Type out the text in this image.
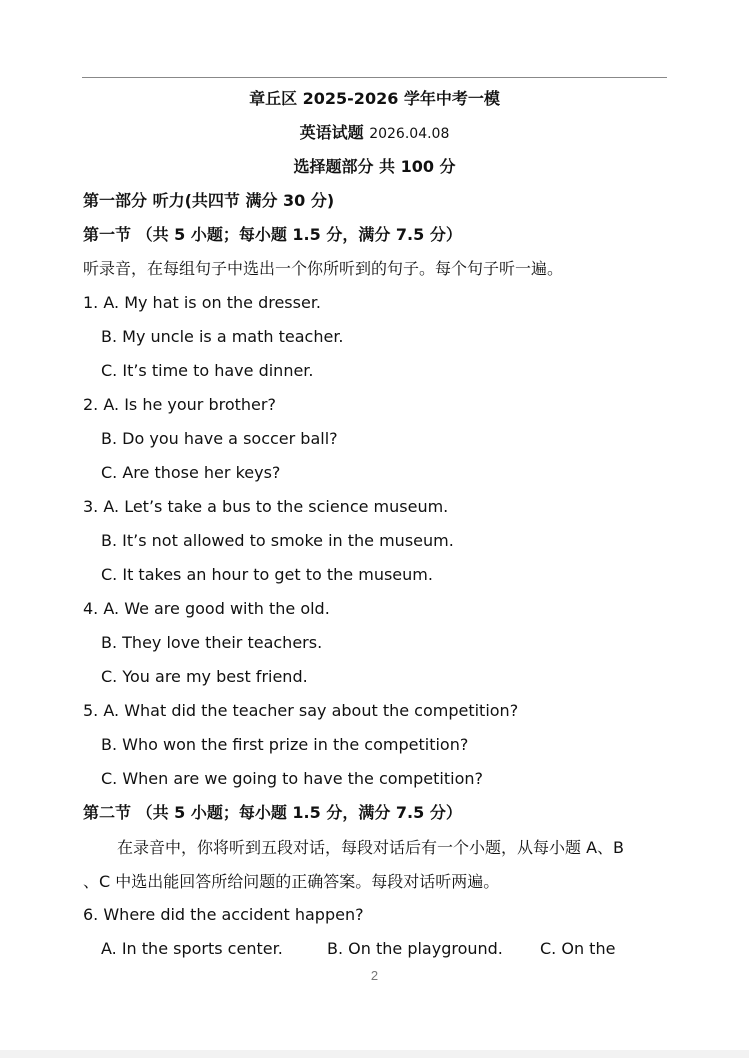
章丘区 2025-2026 学年中考一模
英语试题 2026.04.08
选择题部分 共 100 分
第一部分 听力(共四节 满分 30 分)
第一节 （共 5 小题；每小题 1.5 分，满分 7.5 分）
听录音，在每组句子中选出一个你所听到的句子。每个句子听一遍。
1. A. My hat is on the dresser.
B. My uncle is a math teacher.
C. It’s time to have dinner.
2. A. Is he your brother?
B. Do you have a soccer ball?
C. Are those her keys?
3. A. Let’s take a bus to the science museum.
B. It’s not allowed to smoke in the museum.
C. It takes an hour to get to the museum.
4. A. We are good with the old.
B. They love their teachers.
C. You are my best friend.
5. A. What did the teacher say about the competition?
B. Who won the first prize in the competition?
C. When are we going to have the competition?
第二节 （共 5 小题；每小题 1.5 分，满分 7.5 分）
在录音中，你将听到五段对话，每段对话后有一个小题，从每小题 A、B
、C 中选出能回答所给问题的正确答案。每段对话听两遍。
6. Where did the accident happen?
A. In the sports center.	B. On the playground. C. On the
2
